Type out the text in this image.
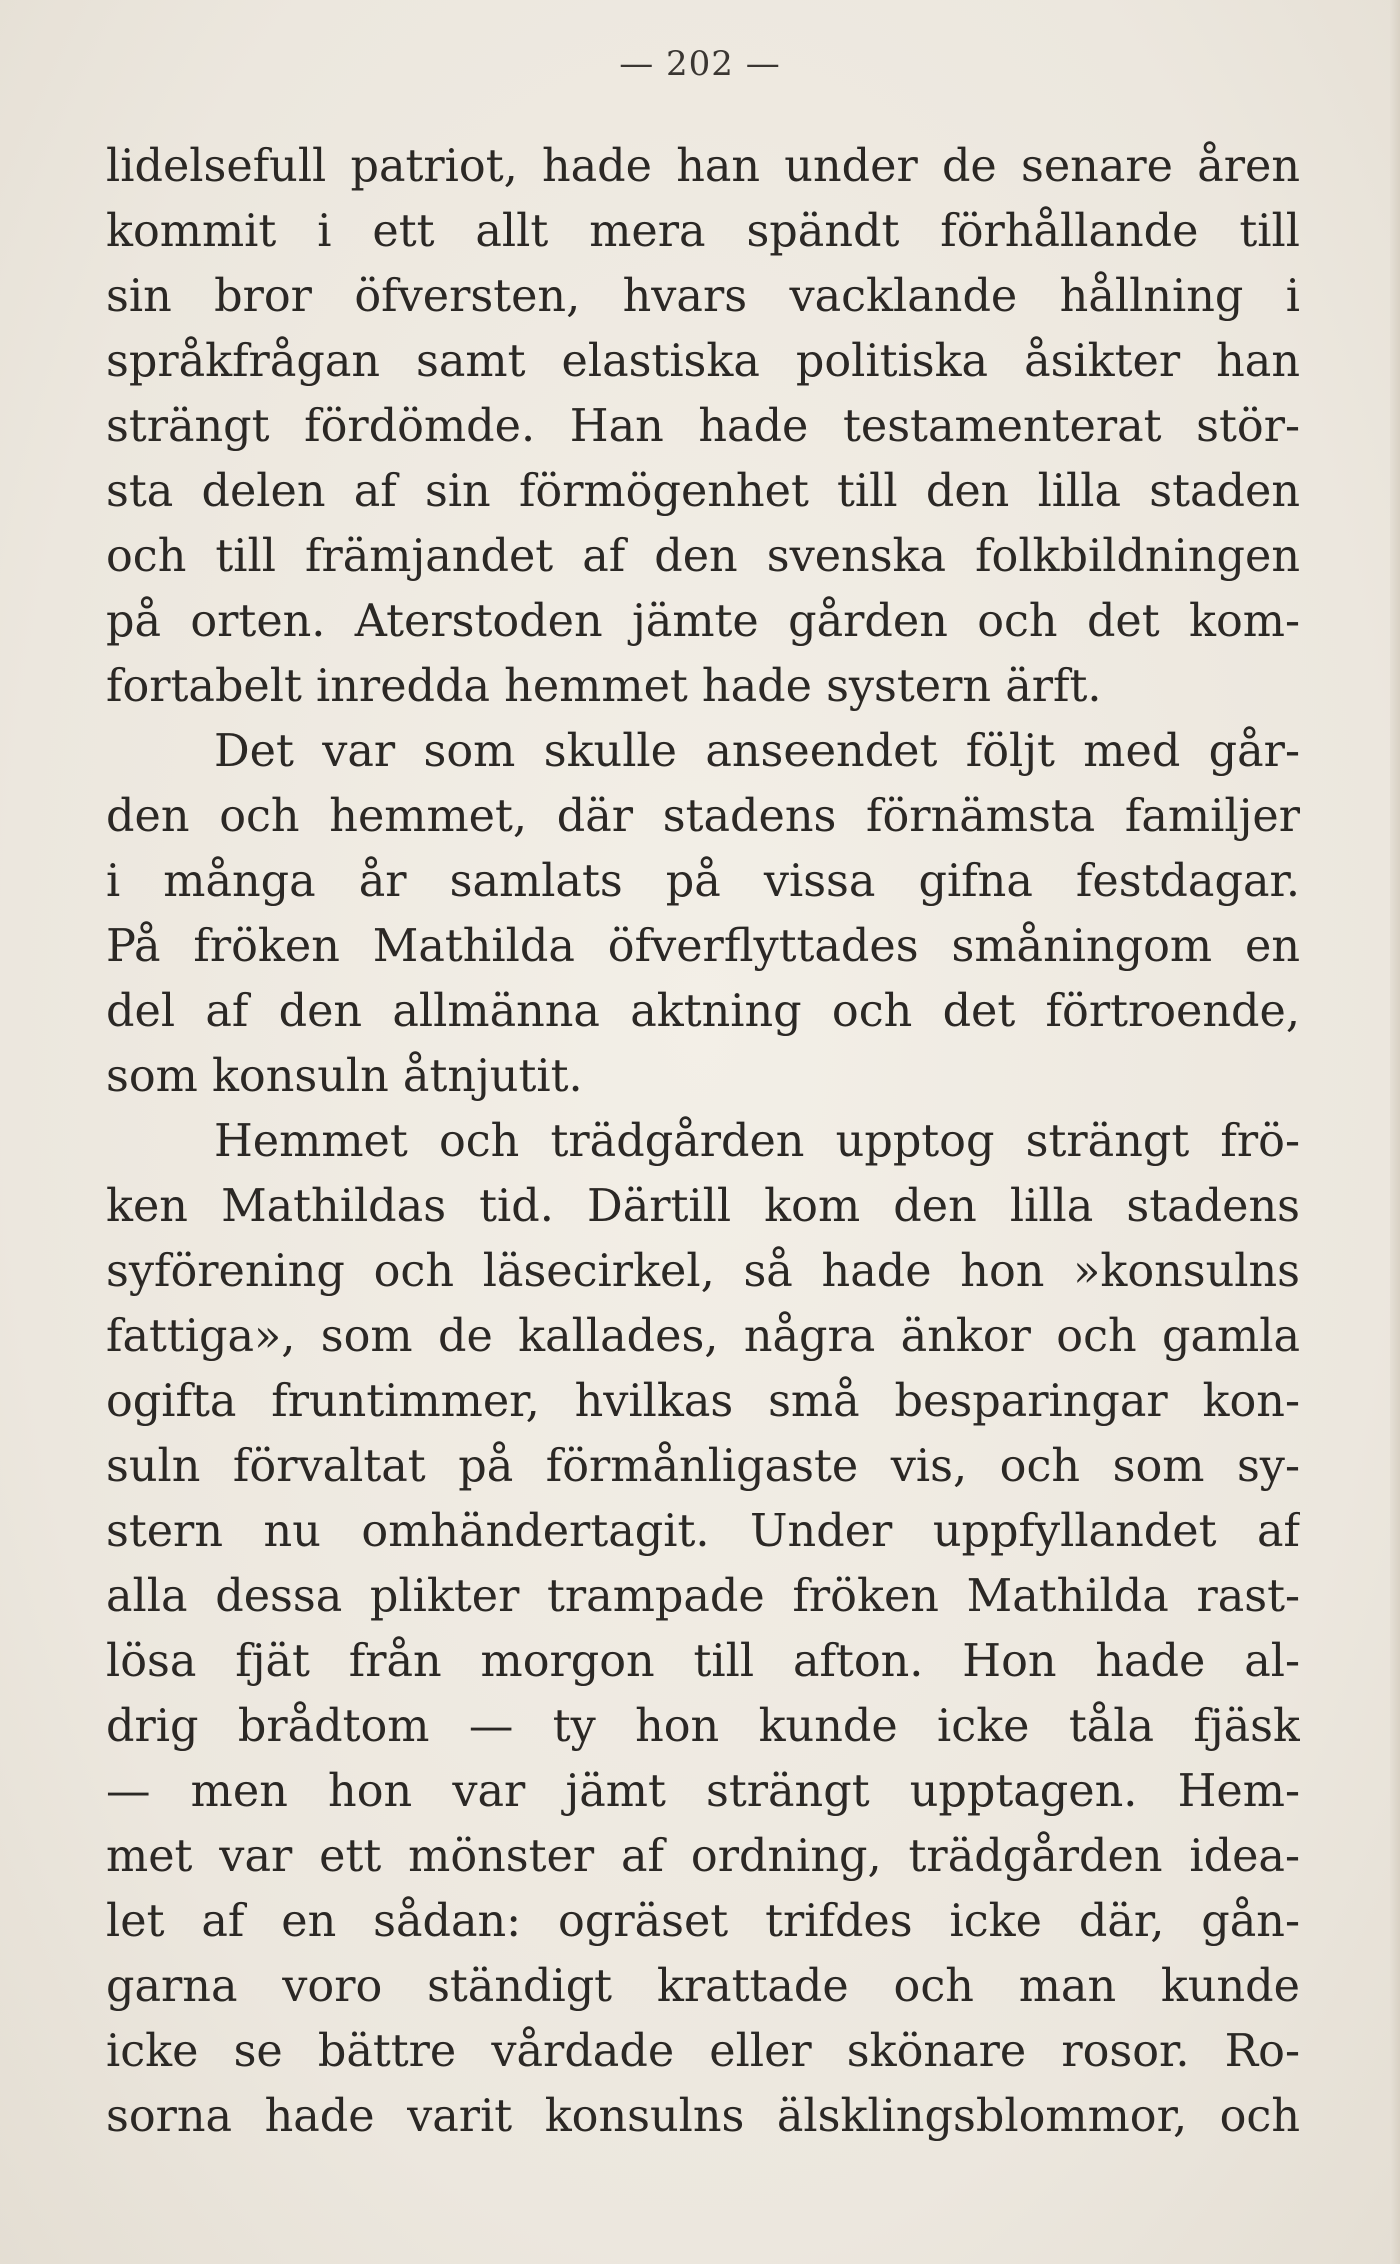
— 202 —
lidelsefull patriot, hade han under de senare åren
kommit i ett allt mera spändt förhållande till
sin bror öfversten, hvars vacklande hållning i
språkfrågan samt elastiska politiska åsikter han
strängt fördömde. Han hade testamenterat stör-
sta delen af sin förmögenhet till den lilla staden
och till främjandet af den svenska folkbildningen
på orten. Aterstoden jämte gården och det kom-
fortabelt inredda hemmet hade systern ärft.
Det var som skulle anseendet följt med går-
den och hemmet, där stadens förnämsta familjer
i många år samlats på vissa gifna festdagar.
På fröken Mathilda öfverflyttades småningom en
del af den allmänna aktning och det förtroende,
som konsuln åtnjutit.
Hemmet och trädgården upptog strängt frö-
ken Mathildas tid. Därtill kom den lilla stadens
syförening och läsecirkel, så hade hon »konsulns
fattiga», som de kallades, några änkor och gamla
ogifta fruntimmer, hvilkas små besparingar kon-
suln förvaltat på förmånligaste vis, och som sy-
stern nu omhändertagit. Under uppfyllandet af
alla dessa plikter trampade fröken Mathilda rast-
lösa fjät från morgon till afton. Hon hade al-
drig brådtom — ty hon kunde icke tåla fjäsk
— men hon var jämt strängt upptagen. Hem-
met var ett mönster af ordning, trädgården idea-
let af en sådan: ogräset trifdes icke där, gån-
garna voro ständigt krattade och man kunde
icke se bättre vårdade eller skönare rosor. Ro-
sorna hade varit konsulns älsklingsblommor, och
